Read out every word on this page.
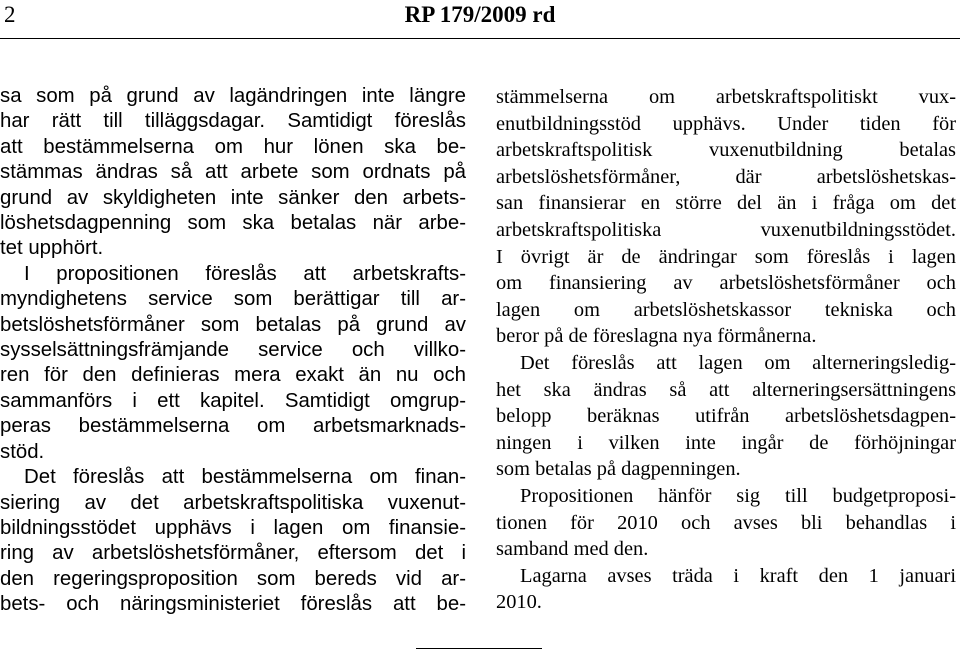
2	RP 179/2009 rd
sa som på grund av lagändringen inte längre
har rätt till tilläggsdagar. Samtidigt föreslås
att bestämmelserna om hur lönen ska be-
stämmas ändras så att arbete som ordnats på
grund av skyldigheten inte sänker den arbets-
löshetsdagpenning som ska betalas när arbe-
tet upphört.
I propositionen föreslås att arbetskrafts-
myndighetens service som berättigar till ar-
betslöshetsförmåner som betalas på grund av
sysselsättningsfrämjande service och villko-
ren för den definieras mera exakt än nu och
sammanförs i ett kapitel. Samtidigt omgrup-
peras bestämmelserna om arbetsmarknads-
stöd.
Det föreslås att bestämmelserna om finan-
siering av det arbetskraftspolitiska vuxenut-
bildningsstödet upphävs i lagen om finansie-
ring av arbetslöshetsförmåner, eftersom det i
den regeringsproposition som bereds vid ar-
bets- och näringsministeriet föreslås att be-
stämmelserna om arbetskraftspolitiskt vux-
enutbildningsstöd upphävs. Under tiden för
arbetskraftspolitisk vuxenutbildning betalas
arbetslöshetsförmåner, där arbetslöshetskas-
san finansierar en större del än i fråga om det
arbetskraftspolitiska vuxenutbildningsstödet.
I övrigt är de ändringar som föreslås i lagen
om finansiering av arbetslöshetsförmåner och
lagen om arbetslöshetskassor tekniska och
beror på de föreslagna nya förmånerna.
Det föreslås att lagen om alterneringsledig-
het ska ändras så att alterneringsersättningens
belopp beräknas utifrån arbetslöshetsdagpen-
ningen i vilken inte ingår de förhöjningar
som betalas på dagpenningen.
Propositionen hänför sig till budgetproposi-
tionen för 2010 och avses bli behandlas i
samband med den.
Lagarna avses träda i kraft den 1 januari
2010.
